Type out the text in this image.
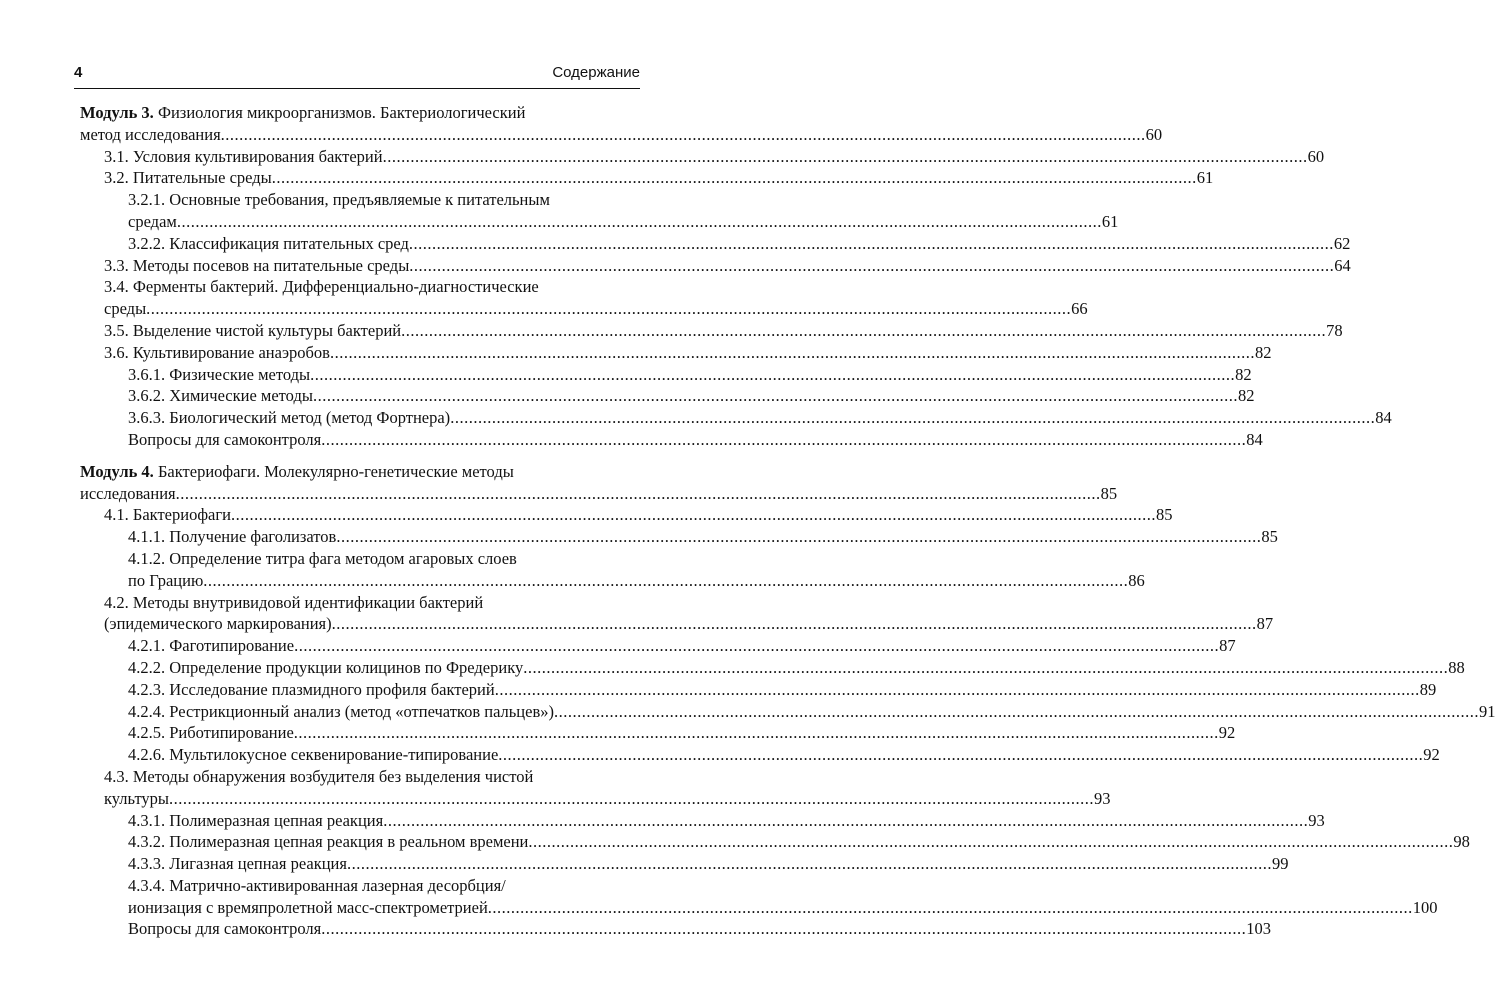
4	Содержание
Модуль 3. Физиология микроорганизмов. Бактериологический
метод исследования ........................................................................................................................................................................................................ 60
3.1. Условия культивирования бактерий ........................................................................................................................................................................................................ 60
3.2. Питательные среды ........................................................................................................................................................................................................ 61
3.2.1. Основные требования, предъявляемые к питательным
средам ........................................................................................................................................................................................................ 61
3.2.2. Классификация питательных сред ........................................................................................................................................................................................................ 62
3.3. Методы посевов на питательные среды ........................................................................................................................................................................................................ 64
3.4. Ферменты бактерий. Дифференциально-диагностические
среды ........................................................................................................................................................................................................ 66
3.5. Выделение чистой культуры бактерий ........................................................................................................................................................................................................ 78
3.6. Культивирование анаэробов ........................................................................................................................................................................................................ 82
3.6.1. Физические методы ........................................................................................................................................................................................................ 82
3.6.2. Химические методы ........................................................................................................................................................................................................ 82
3.6.3. Биологический метод (метод Фортнера) ........................................................................................................................................................................................................ 84
Вопросы для самоконтроля ........................................................................................................................................................................................................ 84
Модуль 4. Бактериофаги. Молекулярно-генетические методы
исследования ........................................................................................................................................................................................................ 85
4.1. Бактериофаги ........................................................................................................................................................................................................ 85
4.1.1. Получение фаголизатов ........................................................................................................................................................................................................ 85
4.1.2. Определение титра фага методом агаровых слоев
по Грацию ........................................................................................................................................................................................................ 86
4.2. Методы внутривидовой идентификации бактерий
(эпидемического маркирования) ........................................................................................................................................................................................................ 87
4.2.1. Фаготипирование ........................................................................................................................................................................................................ 87
4.2.2. Определение продукции колицинов по Фредерику ........................................................................................................................................................................................................ 88
4.2.3. Исследование плазмидного профиля бактерий ........................................................................................................................................................................................................ 89
4.2.4. Рестрикционный анализ (метод «отпечатков пальцев») ........................................................................................................................................................................................................ 91
4.2.5. Риботипирование ........................................................................................................................................................................................................ 92
4.2.6. Мультилокусное секвенирование-типирование ........................................................................................................................................................................................................ 92
4.3. Методы обнаружения возбудителя без выделения чистой
культуры ........................................................................................................................................................................................................ 93
4.3.1. Полимеразная цепная реакция ........................................................................................................................................................................................................ 93
4.3.2. Полимеразная цепная реакция в реальном времени ........................................................................................................................................................................................................ 98
4.3.3. Лигазная цепная реакция ........................................................................................................................................................................................................ 99
4.3.4. Матрично-активированная лазерная десорбция/
ионизация с времяпролетной масс-спектрометрией ........................................................................................................................................................................................................ 100
Вопросы для самоконтроля ........................................................................................................................................................................................................ 103
